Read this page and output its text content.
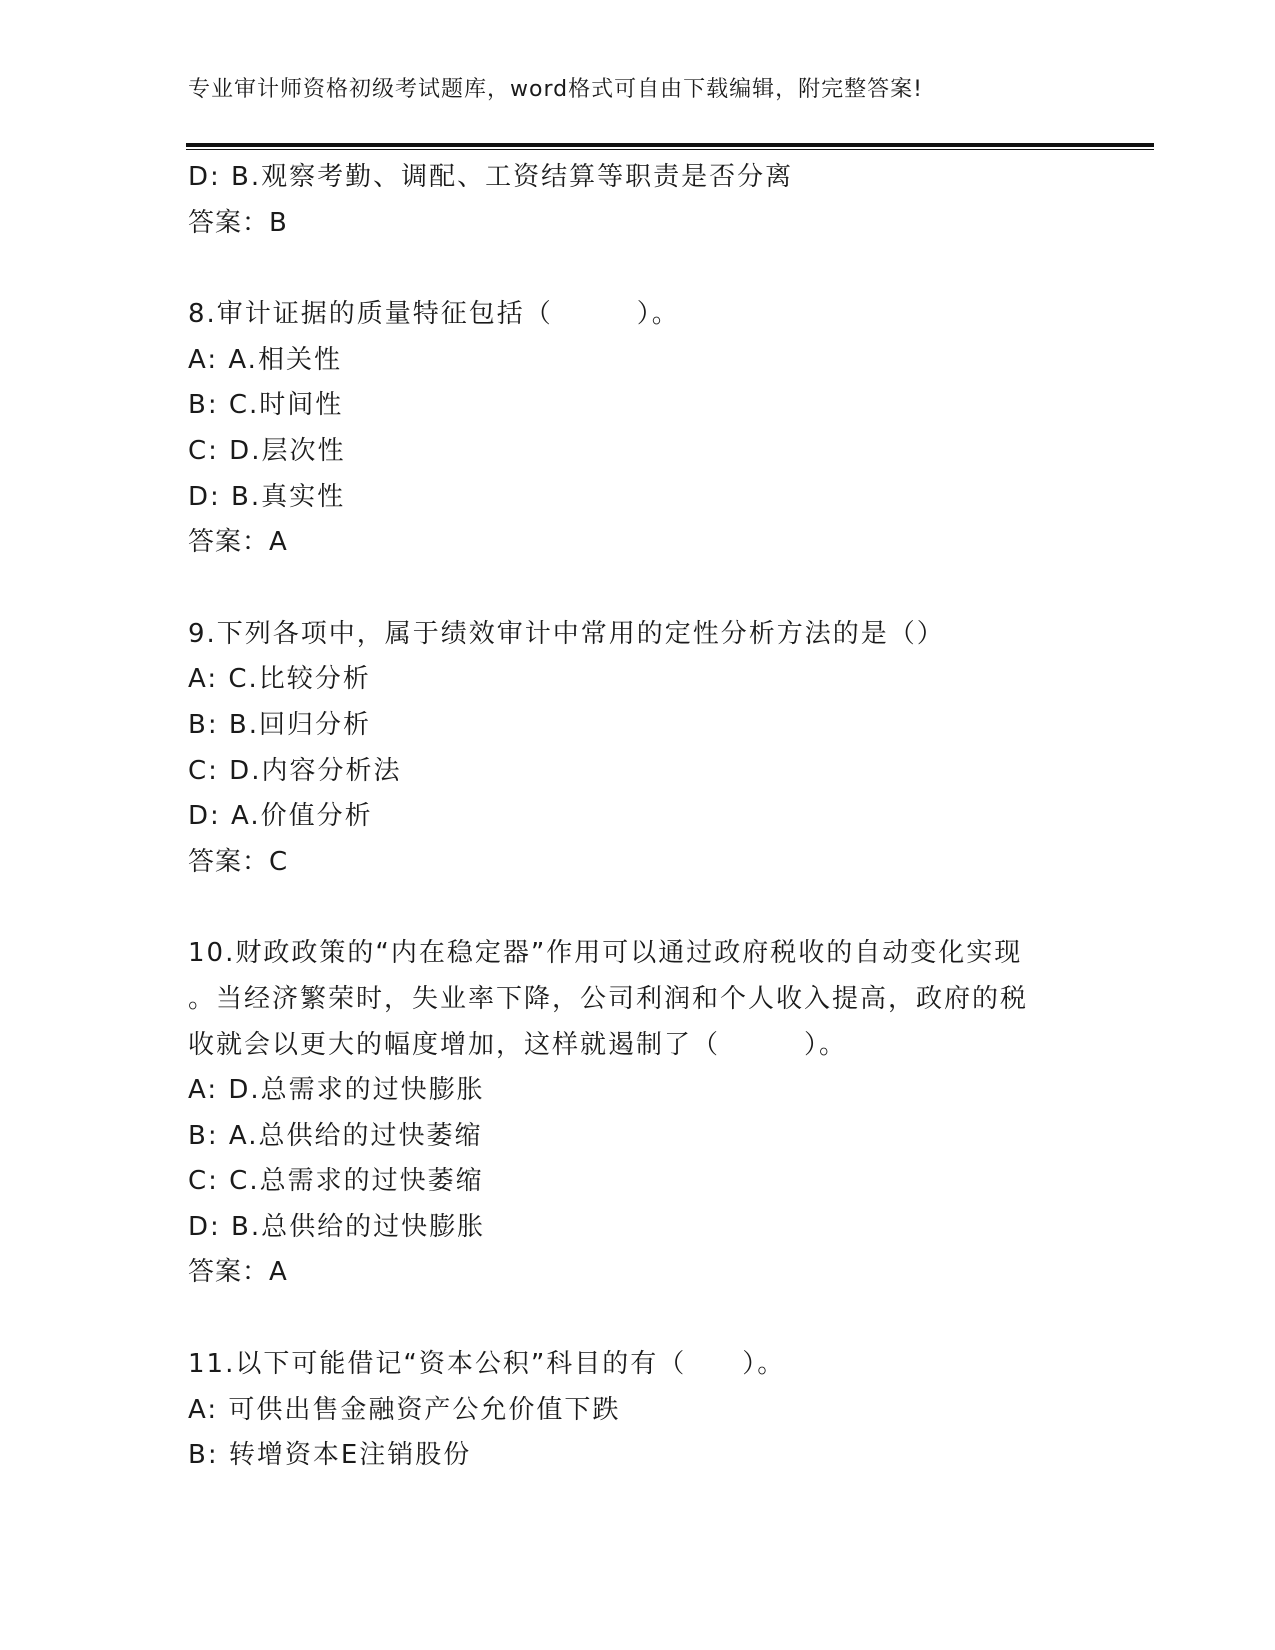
专业审计师资格初级考试题库，word格式可自由下载编辑，附完整答案!
D: B.观察考勤、调配、工资结算等职责是否分离
答案：B
8.审计证据的质量特征包括（　　　）。
A: A.相关性
B: C.时间性
C: D.层次性
D: B.真实性
答案：A
9.下列各项中，属于绩效审计中常用的定性分析方法的是（）
A: C.比较分析
B: B.回归分析
C: D.内容分析法
D: A.价值分析
答案：C
10.财政政策的“内在稳定器”作用可以通过政府税收的自动变化实现
。当经济繁荣时，失业率下降，公司利润和个人收入提高，政府的税
收就会以更大的幅度增加，这样就遏制了（　　　）。
A: D.总需求的过快膨胀
B: A.总供给的过快萎缩
C: C.总需求的过快萎缩
D: B.总供给的过快膨胀
答案：A
11.以下可能借记“资本公积”科目的有（　　）。
A: 可供出售金融资产公允价值下跌
B: 转增资本E注销股份
